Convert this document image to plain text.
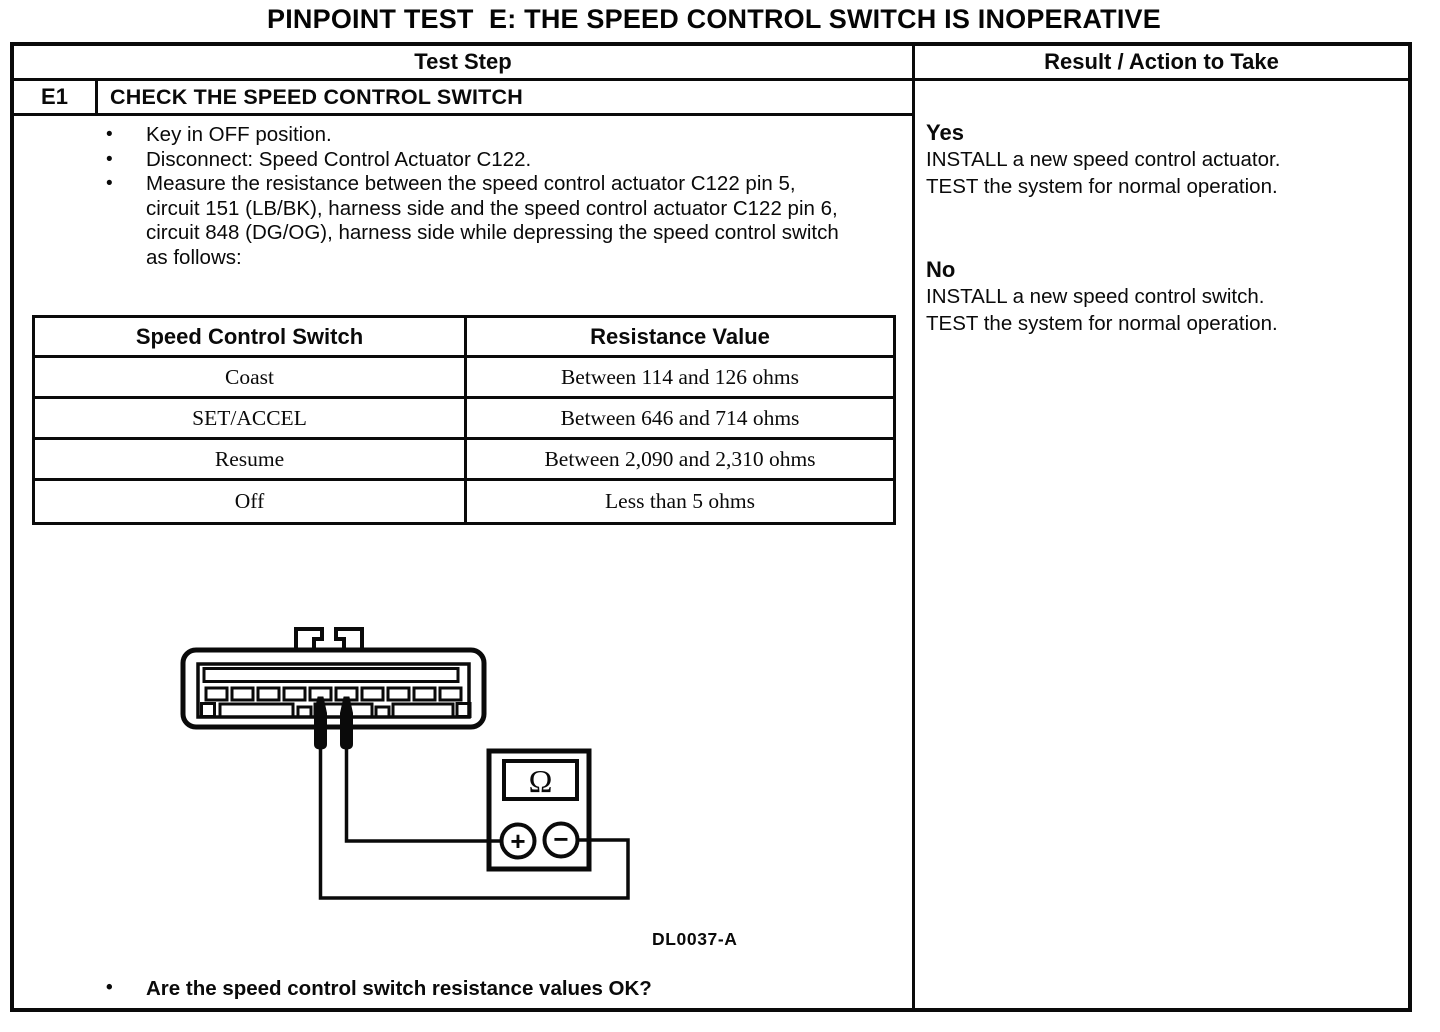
PINPOINT TEST  E: THE SPEED CONTROL SWITCH IS INOPERATIVE
Test Step
E1	CHECK THE SPEED CONTROL SWITCH
•	Key in OFF position.
•	Disconnect: Speed Control Actuator C122.
•	Measure the resistance between the speed control actuator C122 pin 5, circuit 151 (LB/BK), harness side and the speed control actuator C122 pin 6, circuit 848 (DG/OG), harness side while depressing the speed control switch as follows:
Speed Control Switch	Resistance Value
Coast	Between 114 and 126 ohms
SET/ACCEL	Between 646 and 714 ohms
Resume	Between 2,090 and 2,310 ohms
Off	Less than 5 ohms
Ω
+ −
DL0037-A
•	Are the speed control switch resistance values OK?
Result / Action to Take
Yes
INSTALL a new speed control actuator.
TEST the system for normal operation.
No
INSTALL a new speed control switch.
TEST the system for normal operation.
